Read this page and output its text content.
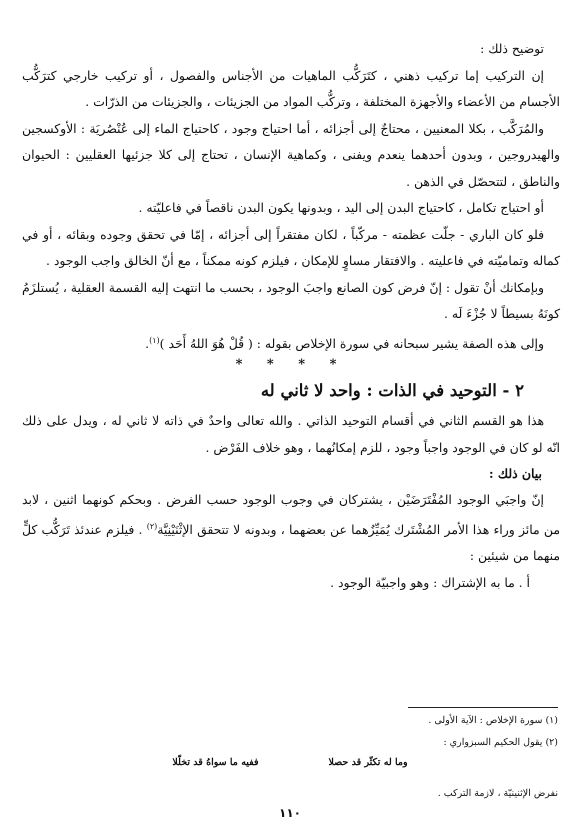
توضيح ذلك :

إن التركيب إما تركيب ذهني ، كتَرَكُّب الماهيات من الأجناس والفصول ، أو تركيب خارجي كترَكُّب الأجسام من الأعضاء والأجهزة المختلفة ، وتركُّب المواد من الجزيئات ، والجزيئات من الذرّات .

والمُرَكَّب ، بكلا المعنيين ، محتاجٌ إلى أجزائه ، أما احتياج وجود ، كاحتياج الماء إلى عُنْصُريَة : الأوكسجين والهيدروجين ، وبدون أحدهما ينعدم ويفنى ، وكماهية الإنسان ، تحتاج إلى كلا جزئيها العقليين : الحيوان والناطق ، لتتحصّل في الذهن .

أو احتياج تكامل ، كاحتياج البدن إلى اليد ، وبدونها يكون البدن ناقصاً في فاعليّته .

فلو كان الباري - جلّت عظمته - مركّباً ، لكان مفتقراً إلى أجزائه ، إمّا في تحقق وجوده وبقائه ، أو في كماله وتماميّته في فاعليته . والافتقار مساوٍ للإمكان ، فيلزم كونه ممكناً ، مع أنّ الخالق واجب الوجود .

وبإمكانك أنْ تقول : إنّ فرض كون الصانع واجبَ الوجود ، بحسب ما انتهت إليه القسمة العقلية ، يُستلزَمُ كونَهُ بسيطاً لا جُزْءَ لَه .

وإلى هذه الصفة يشير سبحانه في سورة الإخلاص بقوله : ( قُلْ هُوَ اللهُ أَحَد )$^{(١)}$.

* * * *

٢ - التوحيد في الذات : واحد لا ثاني له

هذا هو القسم الثاني في أقسام التوحيد الذاتي . والله تعالى واحدٌ في ذاته لا ثاني له ، ويدل على ذلك انّه لو كان في الوجود واجباً وجود ، للزم إمكانُهما ، وهو خلاف الفَرْض .

بيان ذلك :

إنّ واجبَي الوجود المُفْتَرَضَيْن ، يشتركان في وجوب الوجود حسب الفرض . وبحكم كونهما اثنين ، لابد من مائز وراء هذا الأمر المُشْتَرك يُمَيِّزُهما عن بعضهما ، وبدونه لا تتحقق الإثْنَيْنِيَّة$^{(٢)}$ . فيلزم عندئذ تَرَكُّب كلٍّ منهما من شيئين :

أ . ما به الإشتراك : وهو واجبيّة الوجود .

(١) سورة الإخلاص : الآية الأولى .
(٢) يقول الحكيم السبزواري :
وما له تكثّر قد حصلا
ففيه ما سواهُ قد تخلّلا
نفرض الإثنينيّة ، لازمة التركب .
١١٠
